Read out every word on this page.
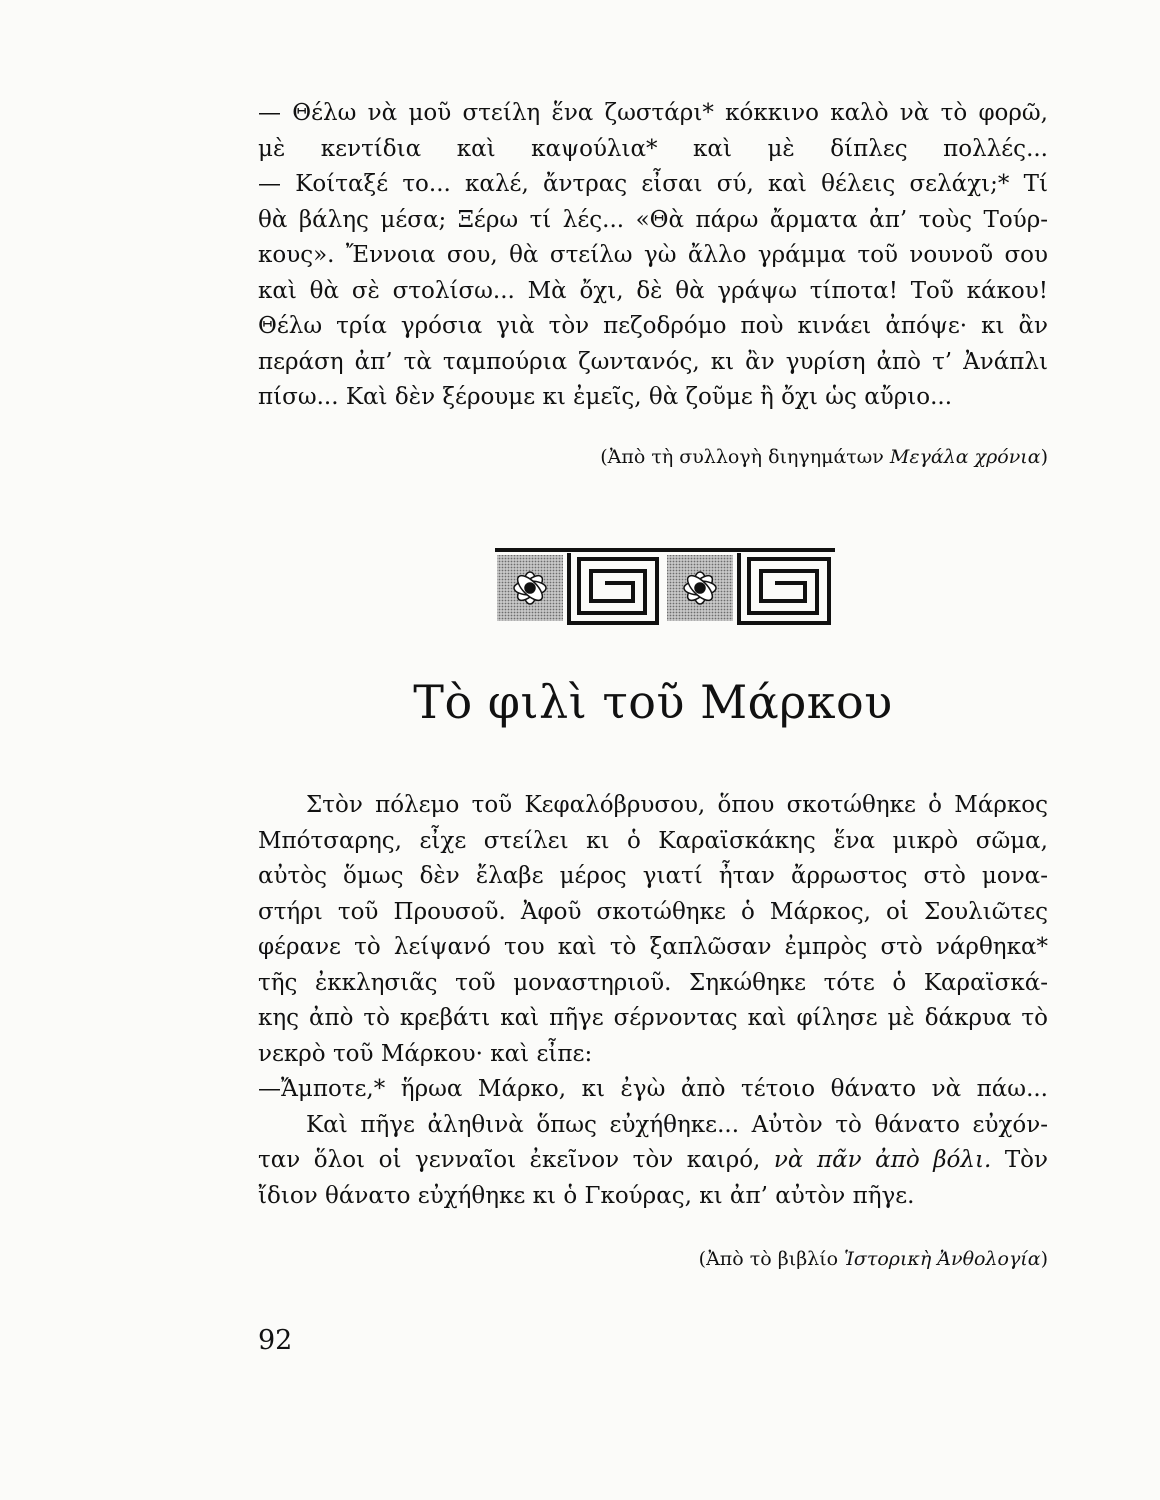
— Θέλω νὰ μοῦ στείλη ἕνα ζωστάρι* κόκκινο καλὸ νὰ τὸ φορῶ,
μὲ κεντίδια καὶ καψούλια* καὶ μὲ δίπλες πολλές...
— Κοίταξέ το... καλέ, ἄντρας εἶσαι σύ, καὶ θέλεις σελάχι;* Τί
θὰ βάλης μέσα; Ξέρω τί λές... «Θὰ πάρω ἄρματα ἀπ’ τοὺς Τούρ-
κους». Ἔννοια σου, θὰ στείλω γὼ ἄλλο γράμμα τοῦ νουνοῦ σου
καὶ θὰ σὲ στολίσω... Μὰ ὄχι, δὲ θὰ γράψω τίποτα! Τοῦ κάκου!
Θέλω τρία γρόσια γιὰ τὸν πεζοδρόμο ποὺ κινάει ἀπόψε· κι ἂν
περάση ἀπ’ τὰ ταμπούρια ζωντανός, κι ἂν γυρίση ἀπὸ τ’ Ἀνάπλι
πίσω... Καὶ δὲν ξέρουμε κι ἐμεῖς, θὰ ζοῦμε ἢ ὄχι ὡς αὔριο...

(Ἀπὸ τὴ συλλογὴ διηγημάτων Μεγάλα χρόνια)
Τὸ φιλὶ τοῦ Μάρκου

Στὸν πόλεμο τοῦ Κεφαλόβρυσου, ὅπου σκοτώθηκε ὁ Μάρκος
Μπότσαρης, εἶχε στείλει κι ὁ Καραϊσκάκης ἕνα μικρὸ σῶμα,
αὐτὸς ὅμως δὲν ἔλαβε μέρος γιατί ἦταν ἄρρωστος στὸ μονα-
στήρι τοῦ Προυσοῦ. Ἀφοῦ σκοτώθηκε ὁ Μάρκος, οἱ Σουλιῶτες
φέρανε τὸ λείψανό του καὶ τὸ ξαπλῶσαν ἐμπρὸς στὸ νάρθηκα*
τῆς ἐκκλησιᾶς τοῦ μοναστηριοῦ. Σηκώθηκε τότε ὁ Καραϊσκά-
κης ἀπὸ τὸ κρεβάτι καὶ πῆγε σέρνοντας καὶ φίλησε μὲ δάκρυα τὸ
νεκρὸ τοῦ Μάρκου· καὶ εἶπε:
—Ἄμποτε,* ἥρωα Μάρκο, κι ἐγὼ ἀπὸ τέτοιο θάνατο νὰ πάω...
Καὶ πῆγε ἀληθινὰ ὅπως εὐχήθηκε... Αὐτὸν τὸ θάνατο εὐχόν-

ταν ὅλοι οἱ γενναῖοι ἐκεῖνον τὸν καιρό, νὰ πᾶν ἀπὸ βόλι. Τὸν
ἴδιον θάνατο εὐχήθηκε κι ὁ Γκούρας, κι ἀπ’ αὐτὸν πῆγε.
(Ἀπὸ τὸ βιβλίο Ἱστορικὴ Ἀνθολογία)
92
